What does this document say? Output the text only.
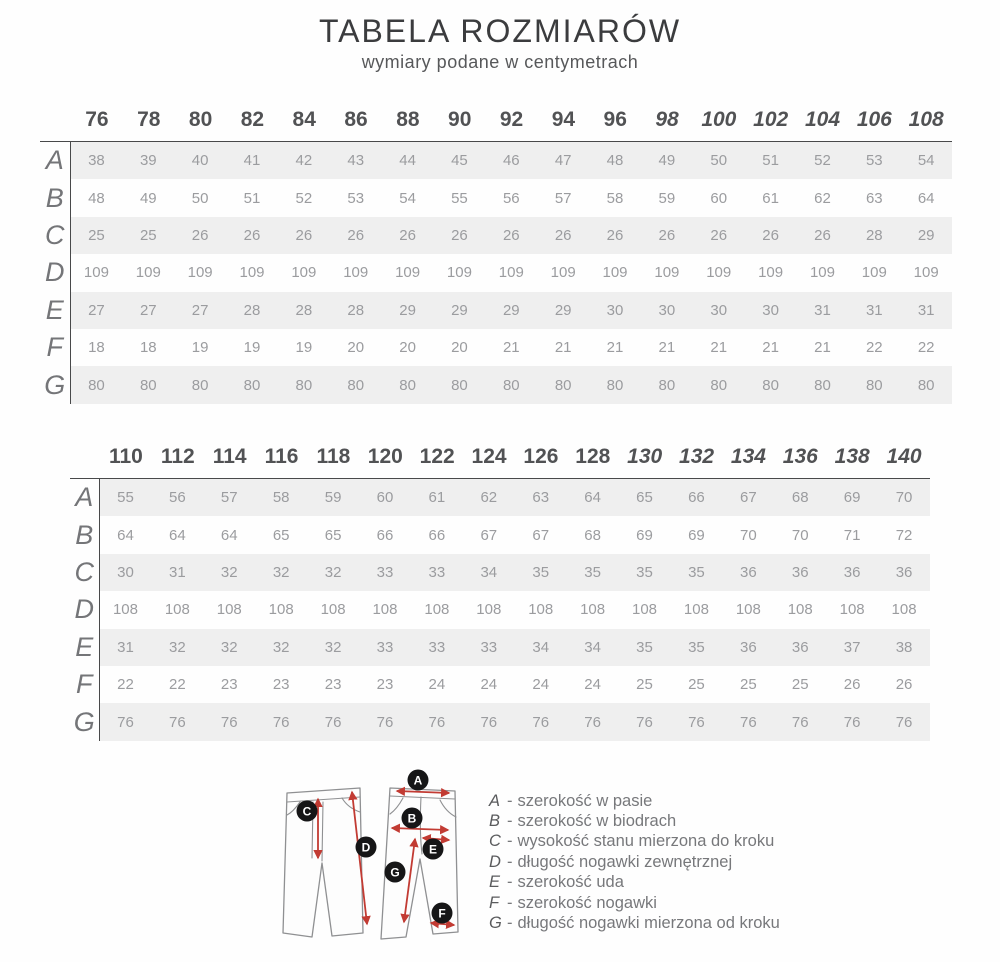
TABELA ROZMIARÓW
wymiary podane w centymetrach
76	78	80	82	84	86	88	90	92	94	96	98	100 102 104 106 108
A	38	39	40	41	42	43	44	45	46	47	48	49	50	51	52	53	54
B	48	49	50	51	52	53	54	55	56	57	58	59	60	61	62	63	64
C	25	25	26	26	26	26	26	26	26	26	26	26	26	26	26	28	29
D	109	109	109	109	109	109	109	109	109	109	109	109	109	109	109	109	109
E	27	27	27	28	28	28	29	29	29	29	30	30	30	30	31	31	31
F	18	18	19	19	19	20	20	20	21	21	21	21	21	21	21	22	22
G	80	80	80	80	80	80	80	80	80	80	80	80	80	80	80	80	80
110 112 114 116 118 120 122 124 126 128 130 132 134 136 138 140
A	55	56	57	58	59	60	61	62	63	64	65	66	67	68	69	70
B	64	64	64	65	65	66	66	67	67	68	69	69	70	70	71	72
C	30	31	32	32	32	33	33	34	35	35	35	35	36	36	36	36
D	108	108	108	108	108	108	108	108	108	108	108	108	108	108	108	108
E	31	32	32	32	32	33	33	33	34	34	35	35	36	36	37	38
F	22	22	23	23	23	23	24	24	24	24	25	25	25	25	26	26
G	76	76	76	76	76	76	76	76	76	76	76	76	76	76	76	76
C
D
A
B
E
G
F
A - szerokość w pasie
B - szerokość w biodrach
C - wysokość stanu mierzona do kroku
D - długość nogawki zewnętrznej
E - szerokość uda
F - szerokość nogawki
G - długość nogawki mierzona od kroku
